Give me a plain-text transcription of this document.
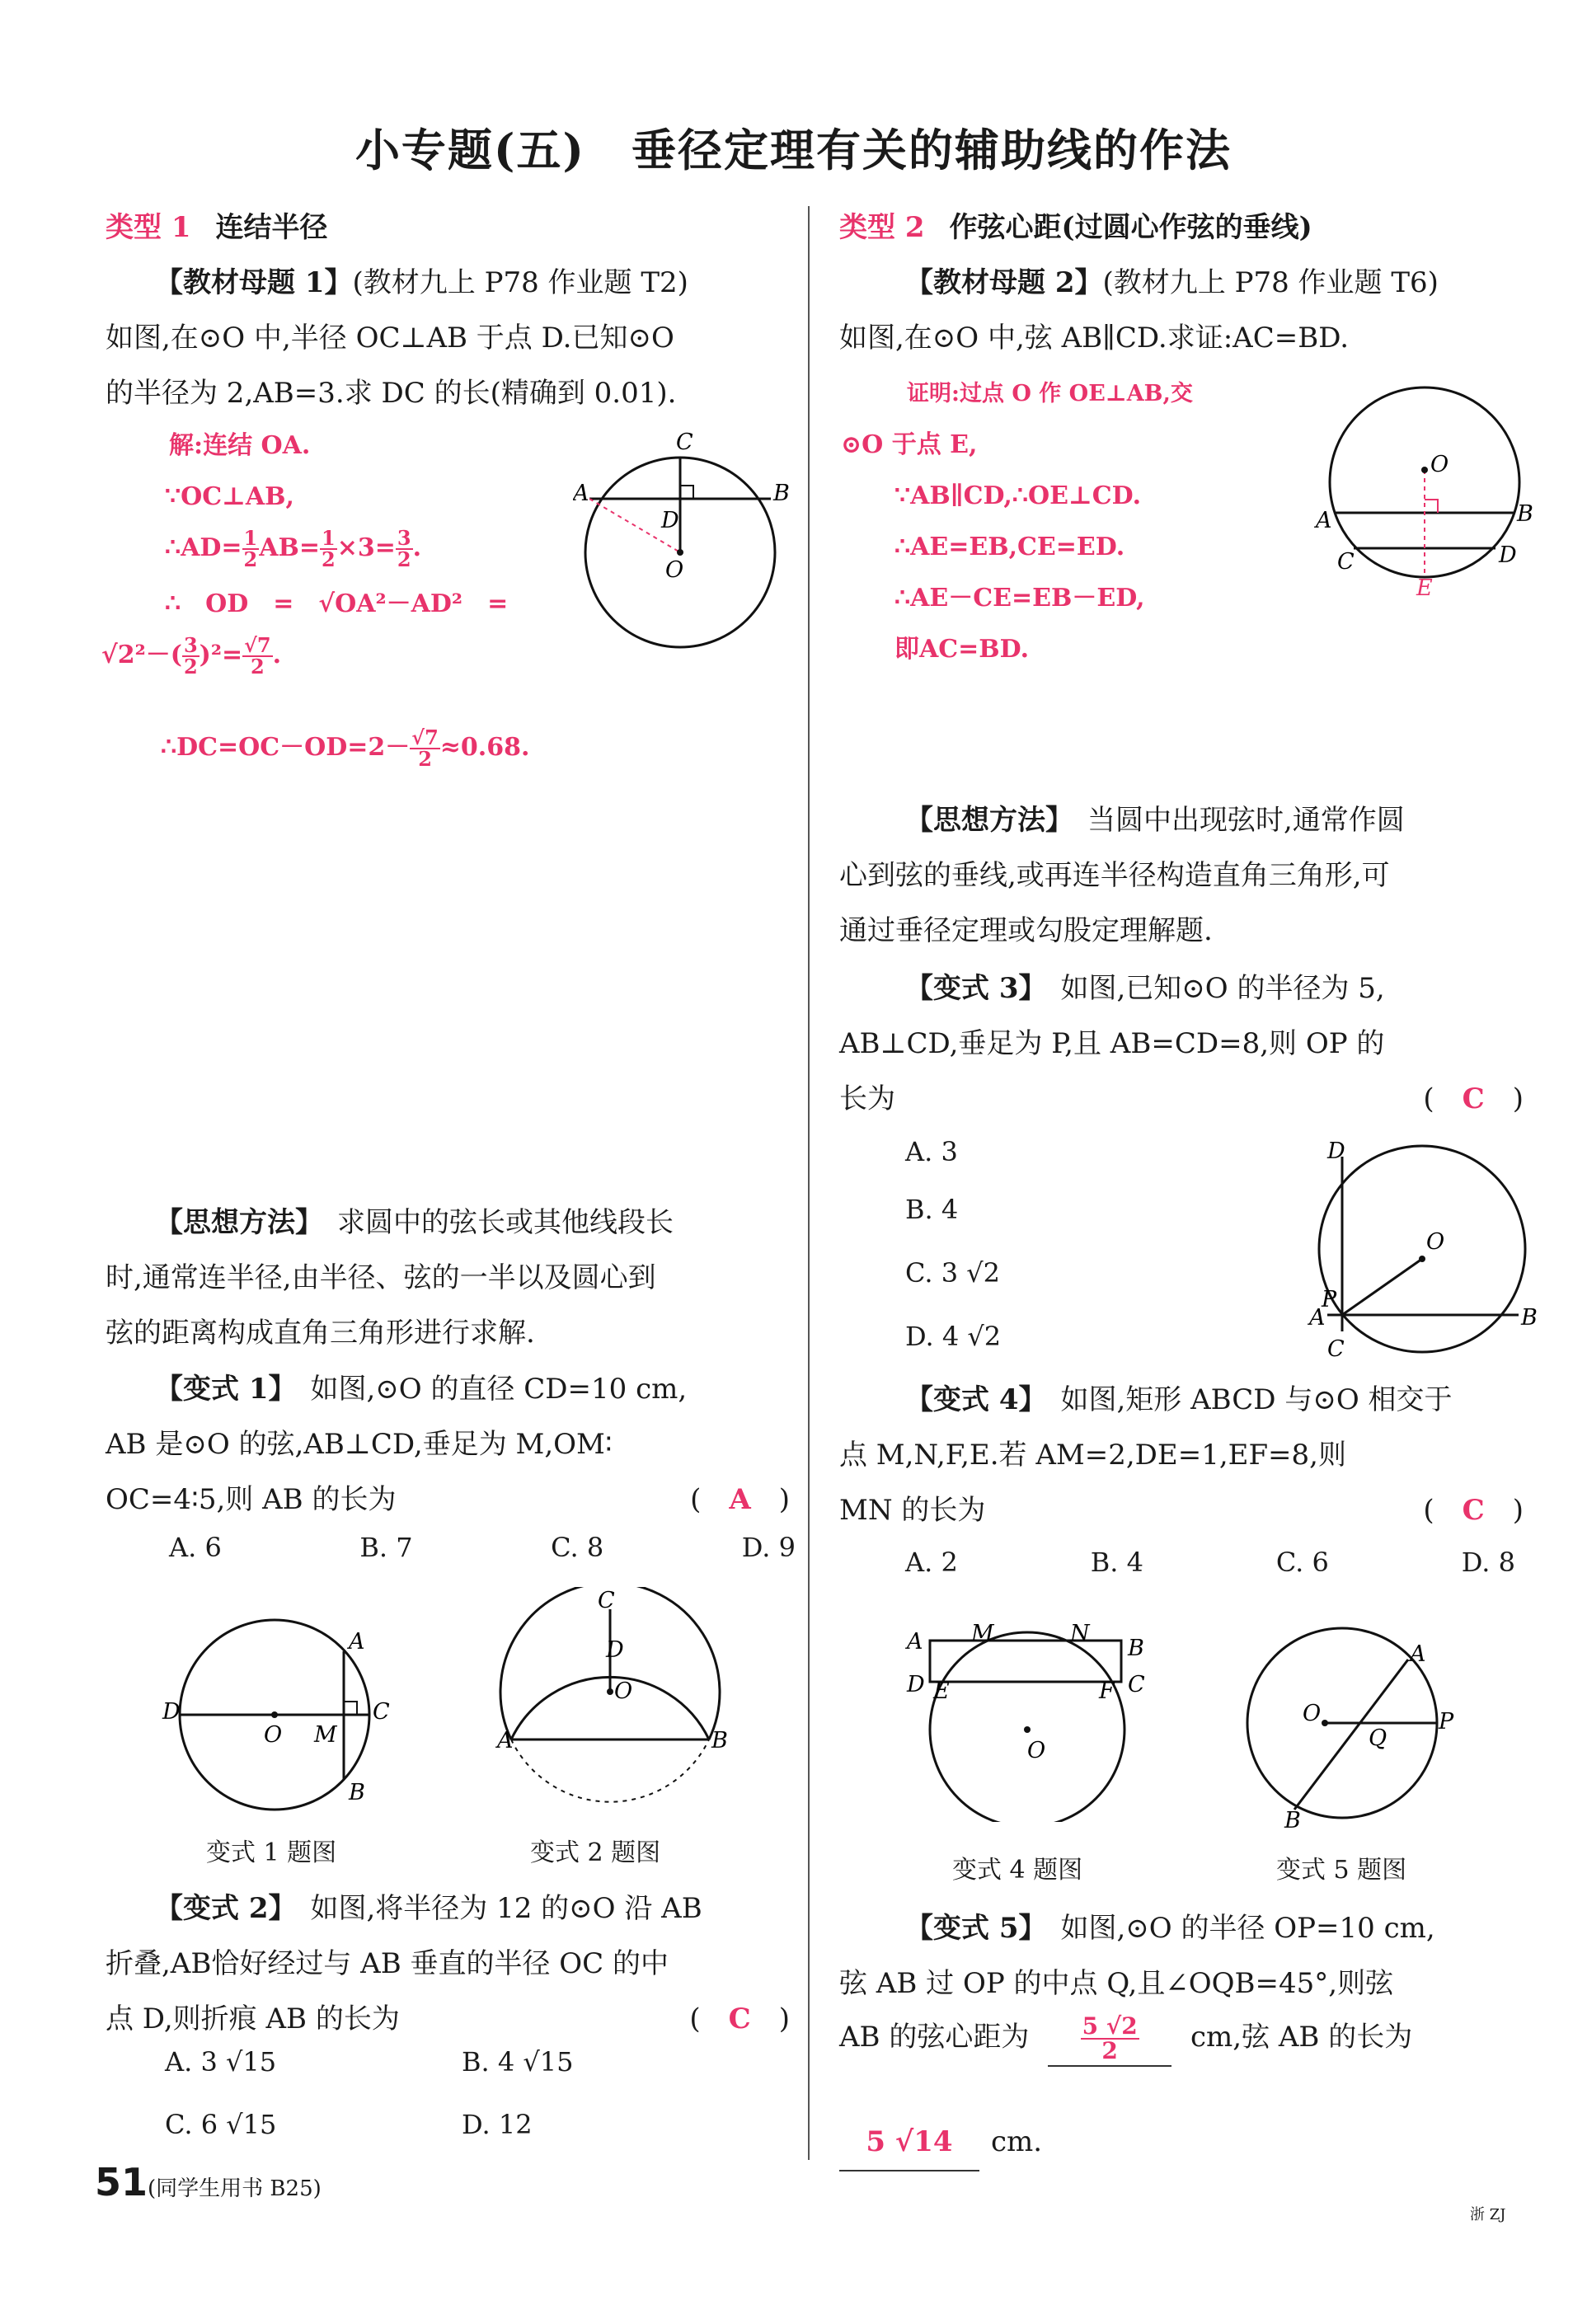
小专题(五)　垂径定理有关的辅助线的作法
类型 1 连结半径
【教材母题 1】(教材九上 P78 作业题 T2)
如图,在⊙O 中,半径 OC⊥AB 于点 D.已知⊙O
的半径为 2,AB=3.求 DC 的长(精确到 0.01).
解:连结 OA.
∵OC⊥AB,
∴AD= $\frac{1}{2} AB= \frac{1}{2} \times 3= \frac{3}{2}$ .
∴　OD　=　√OA²－AD²　=
$√2^2-( \frac{3}{2} )^2= \frac{√7}{2}$ .
∴DC=OC－OD=2－ $\frac{√7}{2} \approx 0.68$.
C
A	B
D
O
【思想方法】　 求圆中的弦长或其他线段长
时,通常连半径,由半径、弦的一半以及圆心到
弦的距离构成直角三角形进行求解.
【变式 1】　 如图,⊙O 的直径 CD=10 cm,
AB 是⊙O 的弦,AB⊥CD,垂足为 M,OM∶
OC=4∶5,则 AB 的长为	(　A　)
A. 6	B. 7	C. 8	D. 9
D
O M
C
A
B
变式 1 题图
C
D
O
A	B
变式 2 题图
【变式 2】　 如图,将半径为 12 的⊙O 沿 AB
折叠,AB恰好经过与 AB 垂直的半径 OC 的中
点 D,则折痕 AB 的长为	(　C　)
A. 3 √15	B. 4 √15
C. 6 √15	D. 12
类型 2 作弦心距(过圆心作弦的垂线)
【教材母题 2】(教材九上 P78 作业题 T6)
如图,在⊙O 中,弦 AB∥CD.求证:AC=BD.
证明:过点 O 作 OE⊥AB,交
⊙O 于点 E,
∵AB∥CD,∴OE⊥CD.
∴AE=EB,CE=ED.
∴AE－CE=EB－ED,
即AC=BD.
O
A	B
C	D
E
【思想方法】　 当圆中出现弦时,通常作圆
心到弦的垂线,或再连半径构造直角三角形,可
通过垂径定理或勾股定理解题.
【变式 3】　 如图,已知⊙O 的半径为 5,
AB⊥CD,垂足为 P,且 AB=CD=8,则 OP 的
长为	(　C　)
A. 3
B. 4
C. 3 √2
D. 4 √2
D
O
P
A	B
C
【变式 4】　 如图,矩形 ABCD 与⊙O 相交于
点 M,N,F,E.若 AM=2,DE=1,EF=8,则
MN 的长为	(　C　)
A. 2	B. 4	C. 6	D. 8
A M	N
B
D E	F C
O
变式 4 题图
O
Q
P
A
B
变式 5 题图
【变式 5】　 如图,⊙O 的半径 OP=10 cm,
弦 AB 过 OP 的中点 Q,且∠OQB=45°,则弦
AB 的弦心距为 $\frac{5 √2}{2}$ cm,弦 AB 的长为
5 √14 cm.
51(同学生用书 B25)
浙 ZJ
